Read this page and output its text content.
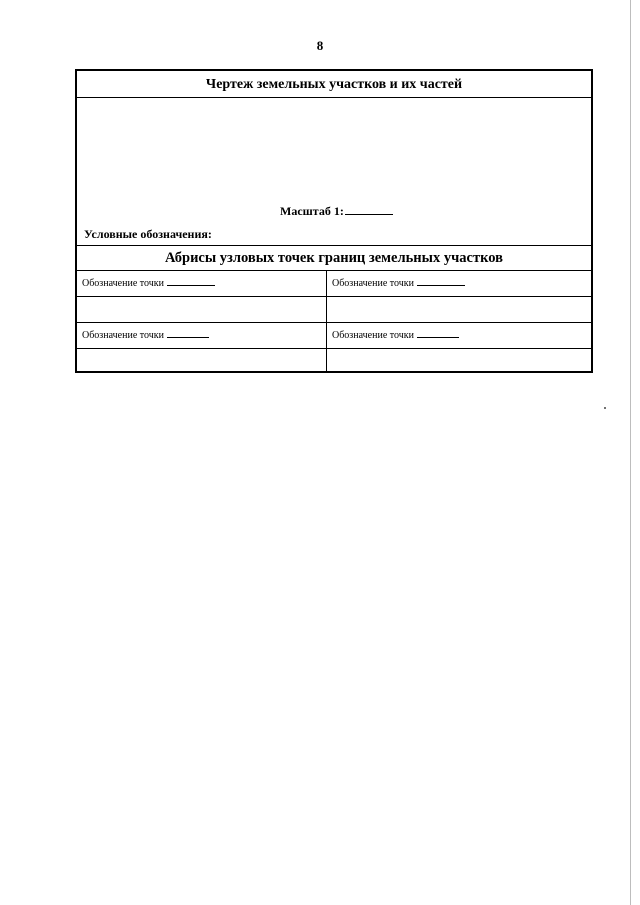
8
Чертеж земельных участков и их частей
Масштаб 1:
Условные обозначения:
Абрисы узловых точек границ земельных участков
Обозначение точки	Обозначение точки
Обозначение точки	Обозначение точки
